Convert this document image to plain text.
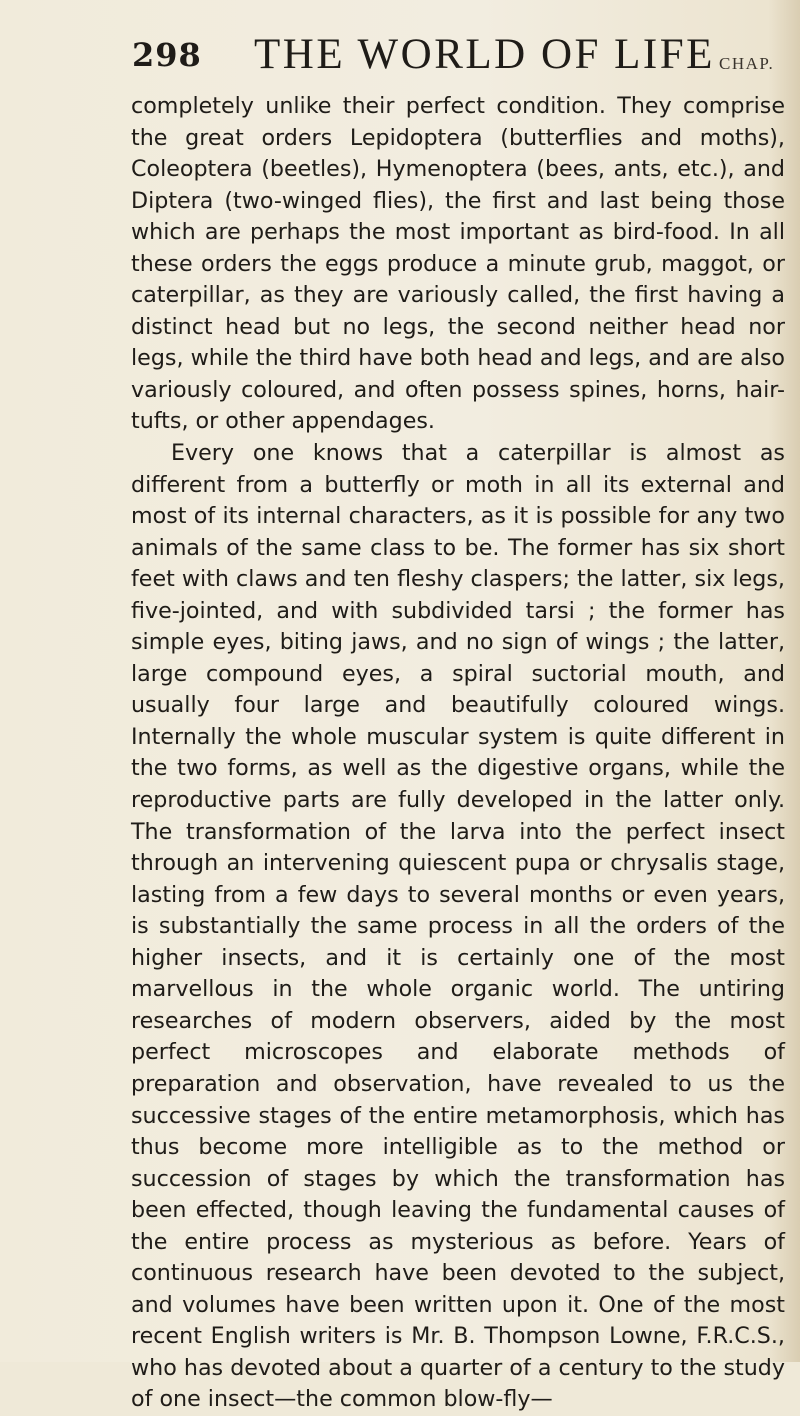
298 THE WORLD OF LIFE CHAP.

completely unlike their perfect condition. They comprise the great orders Lepidoptera (butterflies and moths), Coleoptera (beetles), Hymenoptera (bees, ants, etc.), and Diptera (two-winged flies), the first and last being those which are perhaps the most important as bird-food. In all these orders the eggs produce a minute grub, maggot, or caterpillar, as they are variously called, the first having a distinct head but no legs, the second neither head nor legs, while the third have both head and legs, and are also variously coloured, and often possess spines, horns, hair-tufts, or other appendages.

Every one knows that a caterpillar is almost as different from a butterfly or moth in all its external and most of its internal characters, as it is possible for any two animals of the same class to be. The former has six short feet with claws and ten fleshy claspers; the latter, six legs, five-jointed, and with subdivided tarsi ; the former has simple eyes, biting jaws, and no sign of wings ; the latter, large compound eyes, a spiral suctorial mouth, and usually four large and beautifully coloured wings. Internally the whole muscular system is quite different in the two forms, as well as the digestive organs, while the reproductive parts are fully developed in the latter only. The transformation of the larva into the perfect insect through an intervening quiescent pupa or chrysalis stage, lasting from a few days to several months or even years, is substantially the same process in all the orders of the higher insects, and it is certainly one of the most marvellous in the whole organic world. The untiring researches of modern observers, aided by the most perfect microscopes and elaborate methods of preparation and observation, have revealed to us the successive stages of the entire metamorphosis, which has thus become more intelligible as to the method or succession of stages by which the transformation has been effected, though leaving the fundamental causes of the entire process as mysterious as before. Years of continuous research have been devoted to the subject, and volumes have been written upon it. One of the most recent English writers is Mr. B. Thompson Lowne, F.R.C.S., who has devoted about a quarter of a century to the study of one insect—the common blow-fly—
